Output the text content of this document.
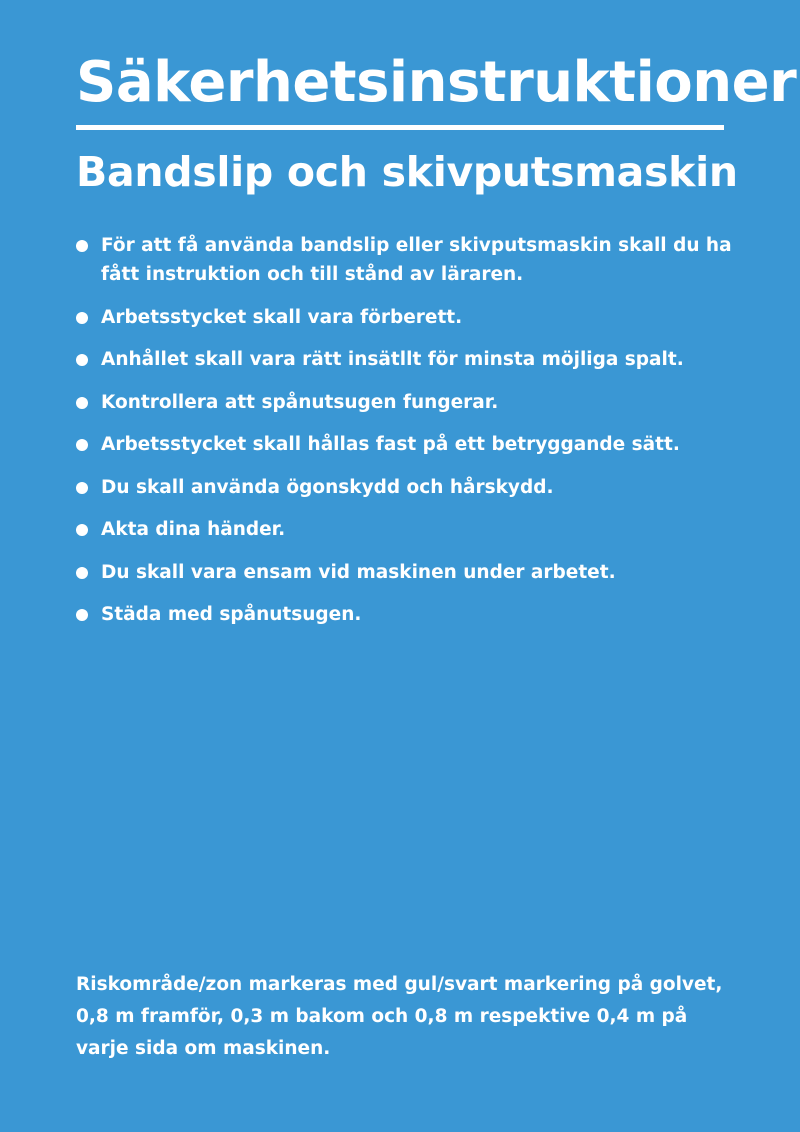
Säkerhetsinstruktioner
Bandslip och skivputsmaskin
För att få använda bandslip eller skivputsmaskin skall du ha fått instruktion och till stånd av läraren.
Arbetsstycket skall vara förberett.
Anhållet skall vara rätt insätllt för minsta möjliga spalt.
Kontrollera att spånutsugen fungerar.
Arbetsstycket skall hållas fast på ett betryggande sätt.
Du skall använda ögonskydd och hårskydd.
Akta dina händer.
Du skall vara ensam vid maskinen under arbetet.
Städa med spånutsugen.

Riskområde/zon markeras med gul/svart markering på golvet, 0,8 m framför, 0,3 m bakom och 0,8 m respektive 0,4 m på varje sida om maskinen.
